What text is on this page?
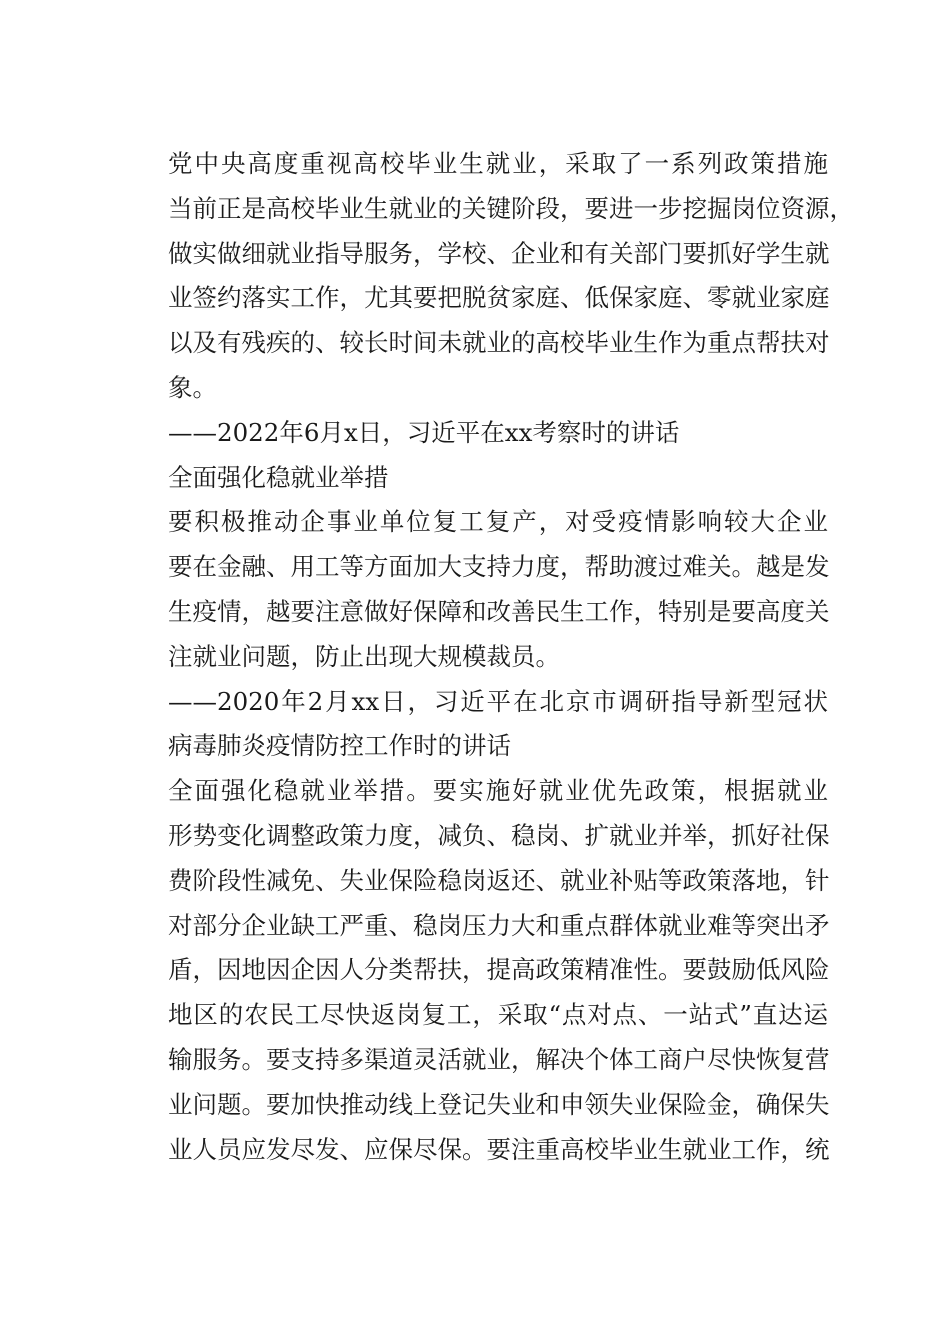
党中央高度重视高校毕业生就业，采取了一系列政策措施
当前正是高校毕业生就业的关键阶段，要进一步挖掘岗位资源，
做实做细就业指导服务，学校、企业和有关部门要抓好学生就
业签约落实工作，尤其要把脱贫家庭、低保家庭、零就业家庭
以及有残疾的、较长时间未就业的高校毕业生作为重点帮扶对
象。
——2022年6月x日，习近平在xx考察时的讲话
全面强化稳就业举措
要积极推动企事业单位复工复产，对受疫情影响较大企业
要在金融、用工等方面加大支持力度，帮助渡过难关。越是发
生疫情，越要注意做好保障和改善民生工作，特别是要高度关
注就业问题，防止出现大规模裁员。
——2020年2月xx日，习近平在北京市调研指导新型冠状
病毒肺炎疫情防控工作时的讲话
全面强化稳就业举措。要实施好就业优先政策，根据就业
形势变化调整政策力度，减负、稳岗、扩就业并举，抓好社保
费阶段性减免、失业保险稳岗返还、就业补贴等政策落地，针
对部分企业缺工严重、稳岗压力大和重点群体就业难等突出矛
盾，因地因企因人分类帮扶，提高政策精准性。要鼓励低风险
地区的农民工尽快返岗复工，采取“点对点、一站式”直达运
输服务。要支持多渠道灵活就业，解决个体工商户尽快恢复营
业问题。要加快推动线上登记失业和申领失业保险金，确保失
业人员应发尽发、应保尽保。要注重高校毕业生就业工作，统
